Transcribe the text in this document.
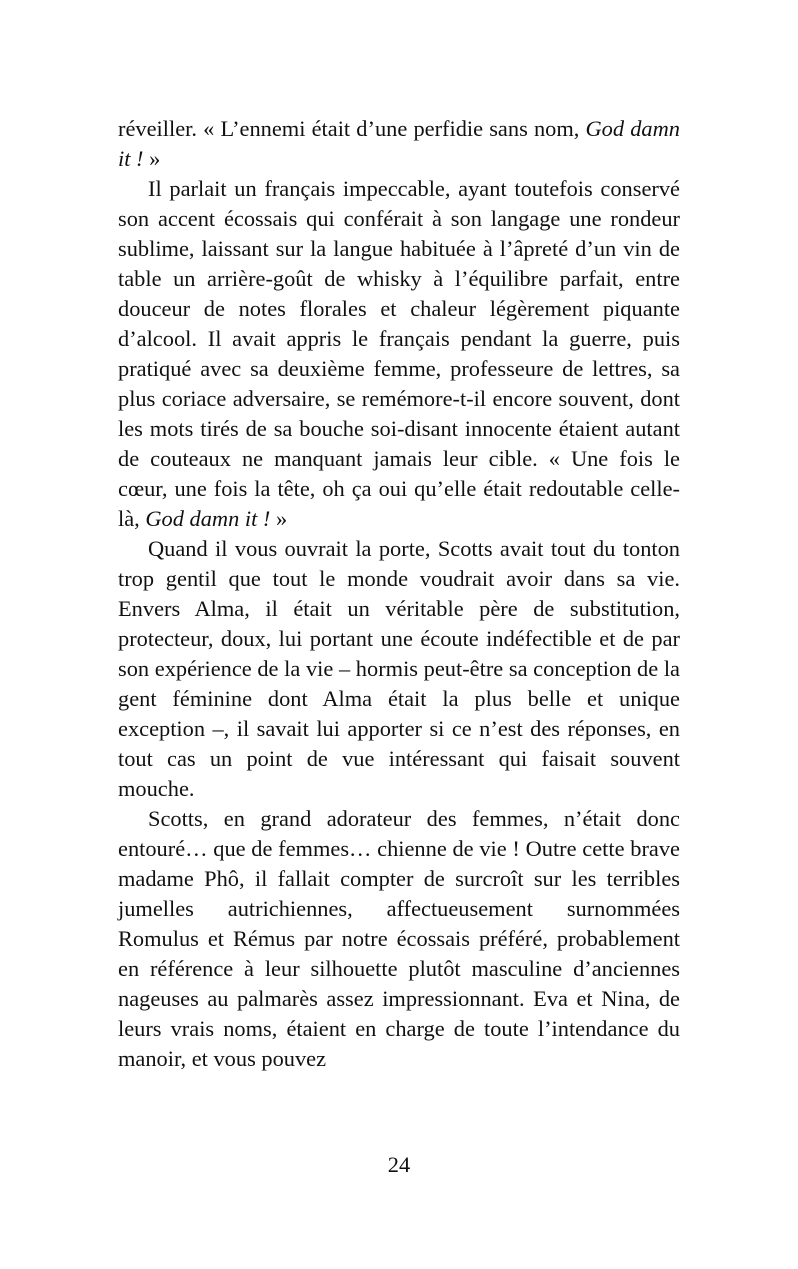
réveiller. « L’ennemi était d’une perfidie sans nom, God damn it ! »

Il parlait un français impeccable, ayant toutefois conservé son accent écossais qui conférait à son langage une rondeur sublime, laissant sur la langue habituée à l’âpreté d’un vin de table un arrière-goût de whisky à l’équilibre parfait, entre douceur de notes florales et chaleur légèrement piquante d’alcool. Il avait appris le français pendant la guerre, puis pratiqué avec sa deuxième femme, professeure de lettres, sa plus coriace adversaire, se remémore-t-il encore souvent, dont les mots tirés de sa bouche soi-disant innocente étaient autant de couteaux ne manquant jamais leur cible. « Une fois le cœur, une fois la tête, oh ça oui qu’elle était redoutable celle-là, God damn it ! »

Quand il vous ouvrait la porte, Scotts avait tout du tonton trop gentil que tout le monde voudrait avoir dans sa vie. Envers Alma, il était un véritable père de substitution, protecteur, doux, lui portant une écoute indéfectible et de par son expérience de la vie – hormis peut-être sa conception de la gent féminine dont Alma était la plus belle et unique exception –, il savait lui apporter si ce n’est des réponses, en tout cas un point de vue intéressant qui faisait souvent mouche.

Scotts, en grand adorateur des femmes, n’était donc entouré… que de femmes… chienne de vie ! Outre cette brave madame Phô, il fallait compter de surcroît sur les terribles jumelles autrichiennes, affectueusement surnommées Romulus et Rémus par notre écossais préféré, probablement en référence à leur silhouette plutôt masculine d’anciennes nageuses au palmarès assez impressionnant. Eva et Nina, de leurs vrais noms, étaient en charge de toute l’intendance du manoir, et vous pouvez

24
